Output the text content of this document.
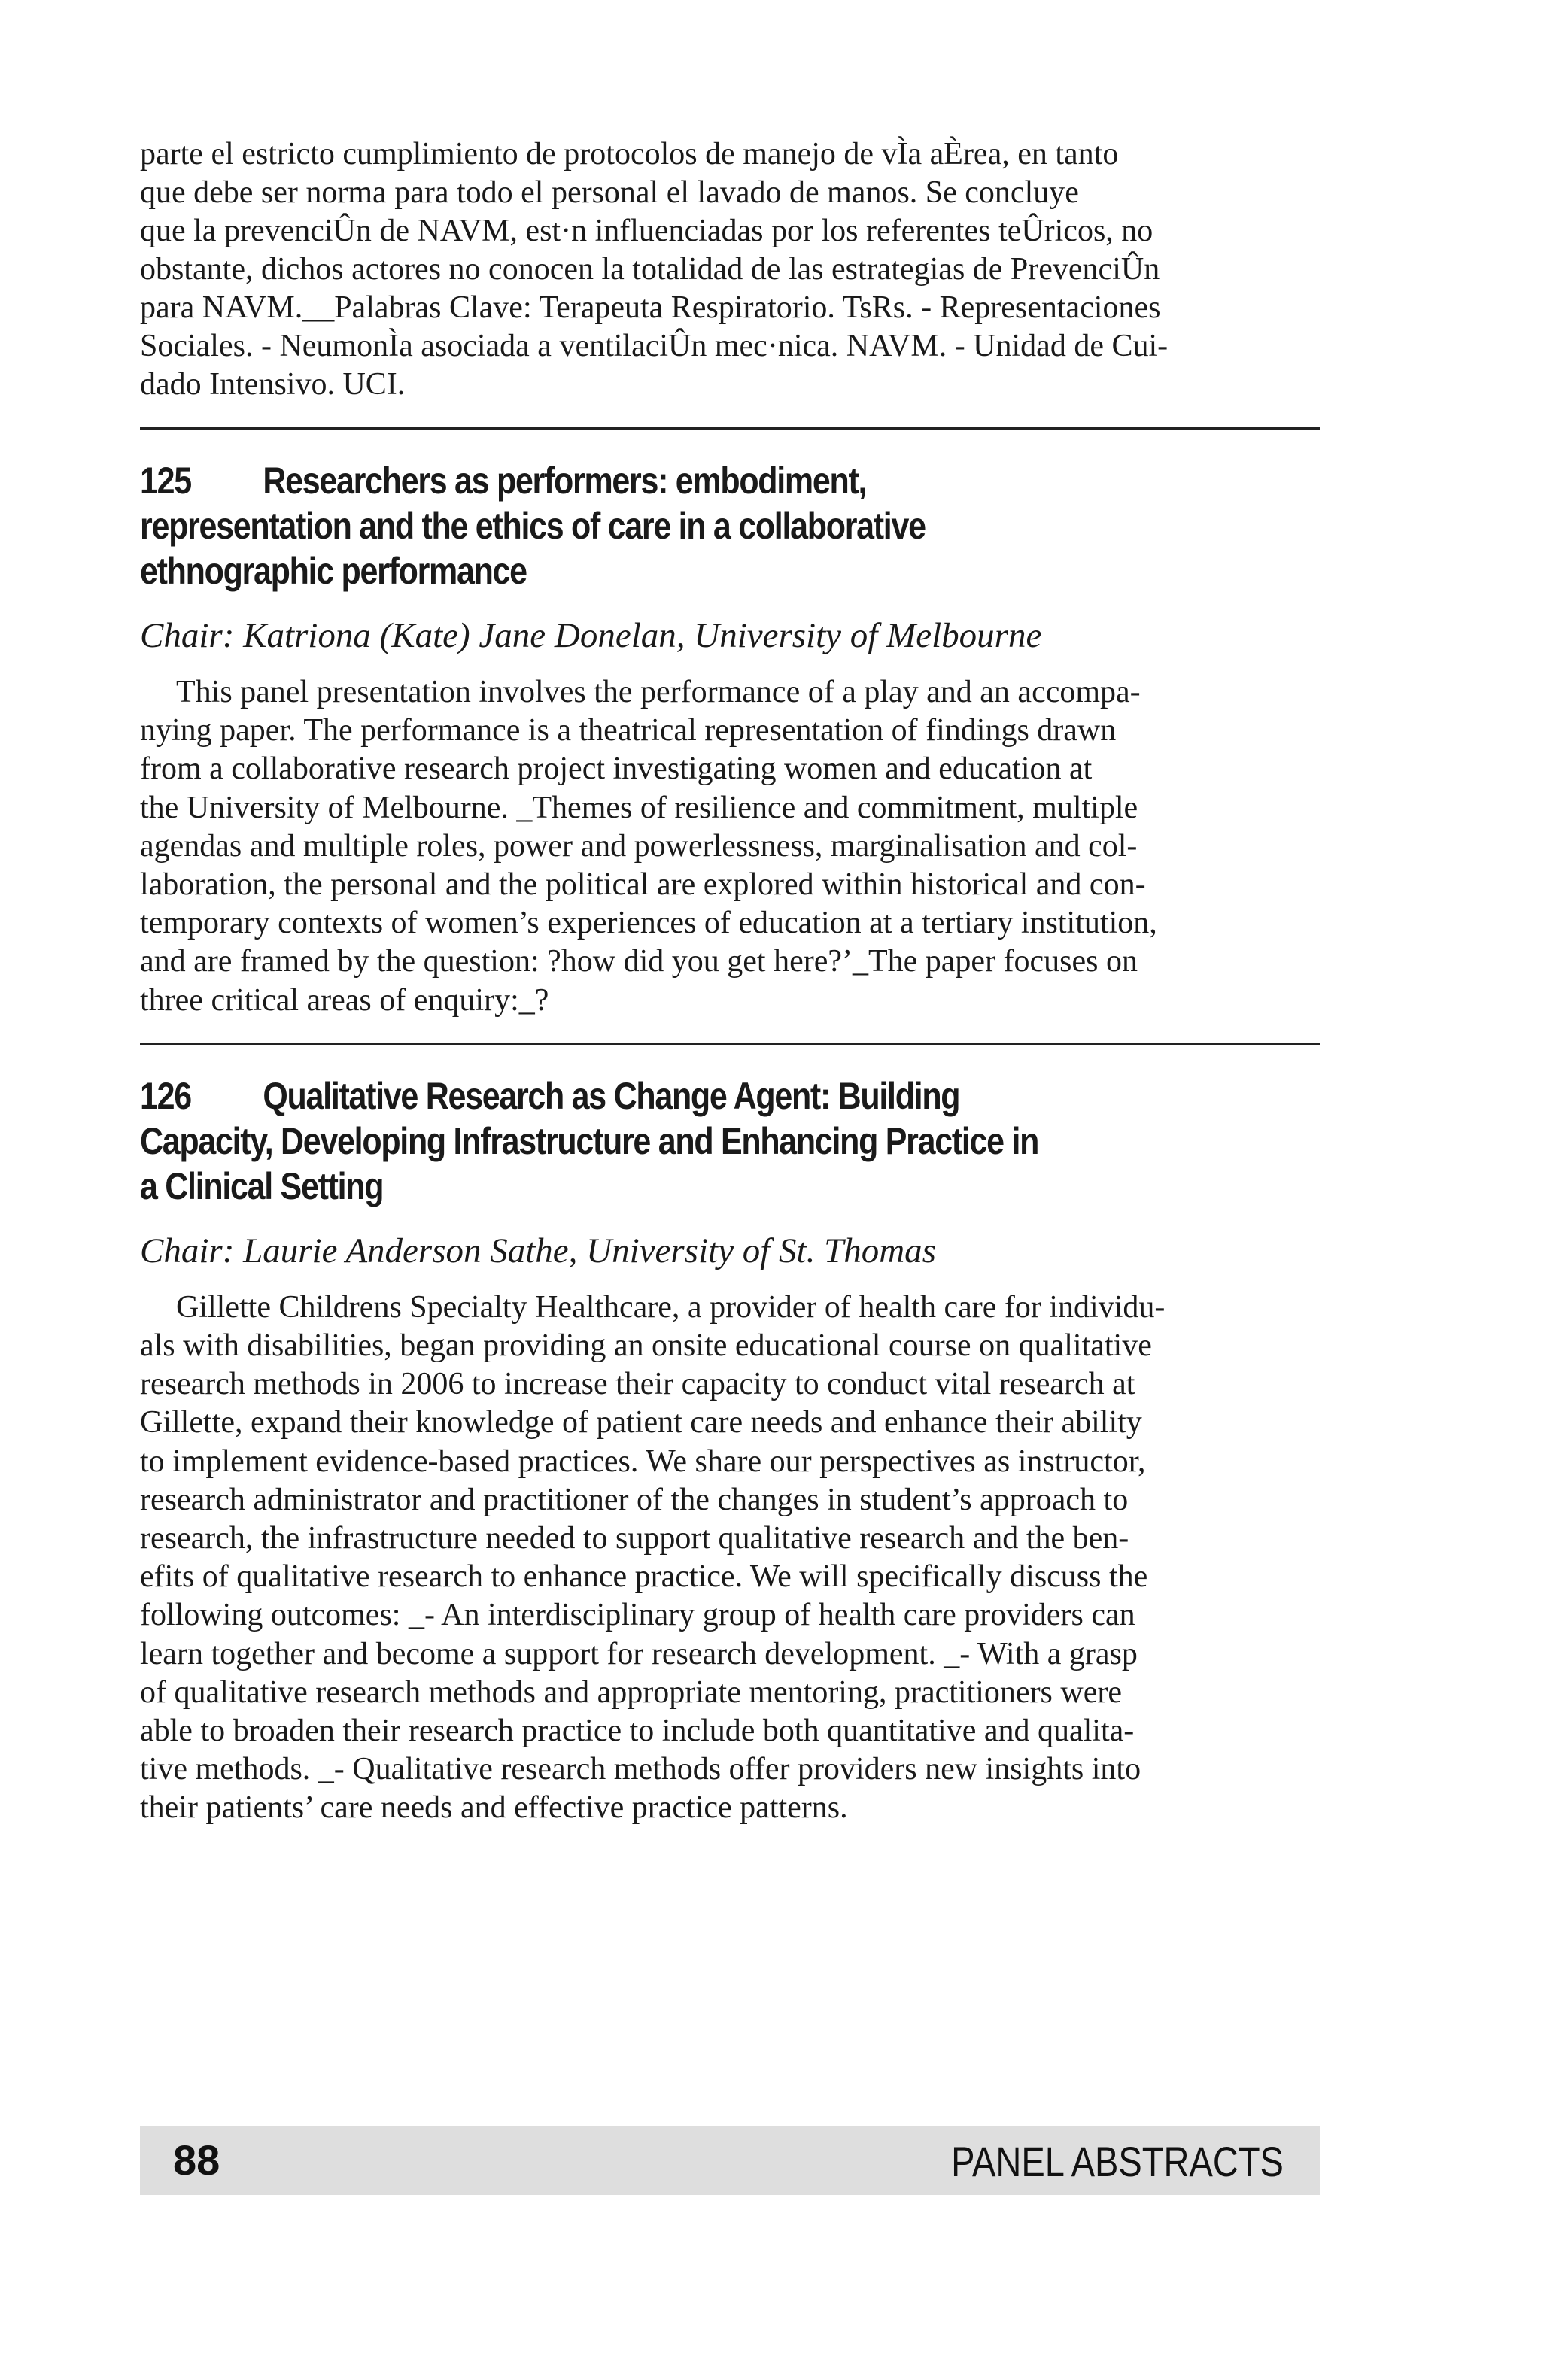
parte el estricto cumplimiento de protocolos de manejo de vÌa aÈrea, en tanto
que debe ser norma para todo el personal el lavado de manos. Se concluye
que la prevenciÛn de NAVM, est·n influenciadas por los referentes teÛricos, no
obstante, dichos actores no conocen la totalidad de las estrategias de PrevenciÛn
para NAVM.__Palabras Clave: Terapeuta Respiratorio. TsRs. - Representaciones
Sociales. - NeumonÌa asociada a ventilaciÛn mec·nica. NAVM. - Unidad de Cui-
dado Intensivo. UCI.

125 Researchers as performers: embodiment,
representation and the ethics of care in a collaborative
ethnographic performance

Chair: Katriona (Kate) Jane Donelan, University of Melbourne

This panel presentation involves the performance of a play and an accompa-
nying paper. The performance is a theatrical representation of findings drawn
from a collaborative research project investigating women and education at
the University of Melbourne. _Themes of resilience and commitment, multiple
agendas and multiple roles, power and powerlessness, marginalisation and col-
laboration, the personal and the political are explored within historical and con-
temporary contexts of women’s experiences of education at a tertiary institution,
and are framed by the question: ?how did you get here?’_The paper focuses on
three critical areas of enquiry:_?

126 Qualitative Research as Change Agent: Building
Capacity, Developing Infrastructure and Enhancing Practice in
a Clinical Setting

Chair: Laurie Anderson Sathe, University of St. Thomas

Gillette Childrens Specialty Healthcare, a provider of health care for individu-
als with disabilities, began providing an onsite educational course on qualitative
research methods in 2006 to increase their capacity to conduct vital research at
Gillette, expand their knowledge of patient care needs and enhance their ability
to implement evidence-based practices. We share our perspectives as instructor,
research administrator and practitioner of the changes in student’s approach to
research, the infrastructure needed to support qualitative research and the ben-
efits of qualitative research to enhance practice. We will specifically discuss the
following outcomes: _- An interdisciplinary group of health care providers can
learn together and become a support for research development. _- With a grasp
of qualitative research methods and appropriate mentoring, practitioners were
able to broaden their research practice to include both quantitative and qualita-
tive methods. _- Qualitative research methods offer providers new insights into
their patients’ care needs and effective practice patterns.

88	PANEL ABSTRACTS
